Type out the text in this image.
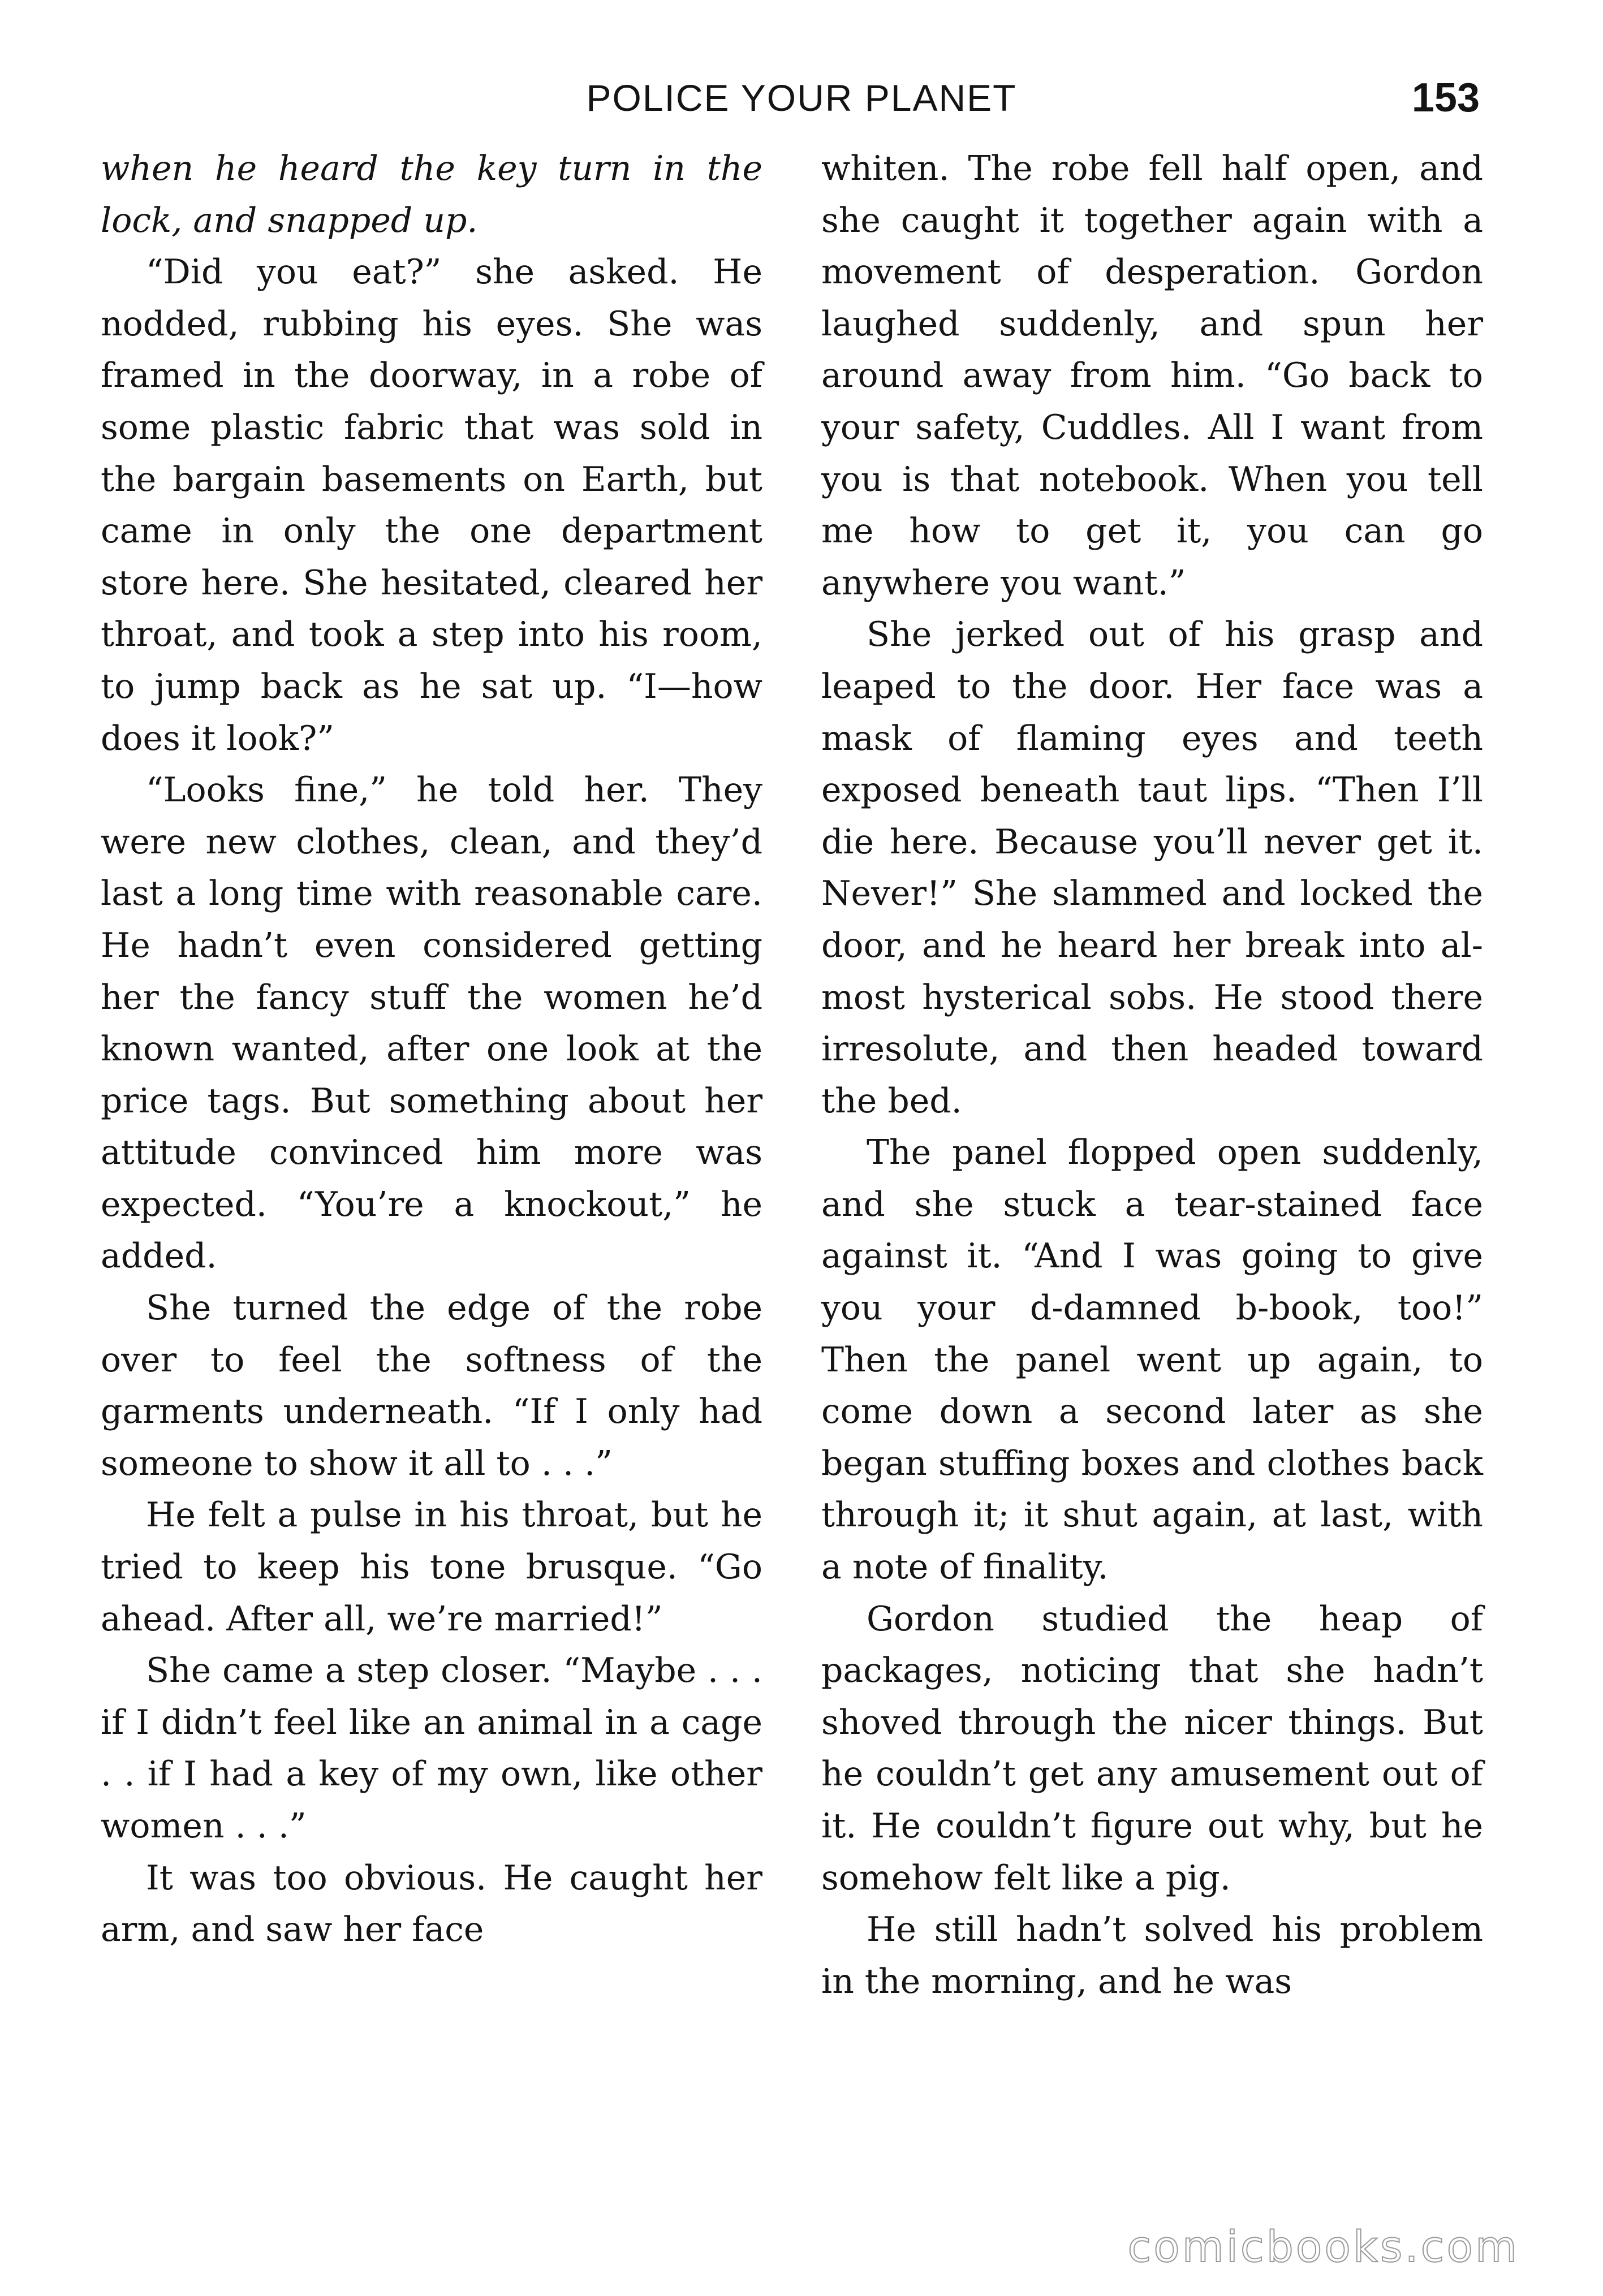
POLICE YOUR PLANET	153

when he heard the key turn in the lock, and snapped up.

“Did you eat?” she asked. He nodded, rubbing his eyes. She was framed in the doorway, in a robe of some plastic fabric that was sold in the bargain basements on Earth, but came in only the one department store here. She hesitated, cleared her throat, and took a step into his room, to jump back as he sat up. “I—how does it look?”

“Looks fine,” he told her. They were new clothes, clean, and they’d last a long time with reasonable care. He hadn’t even considered getting her the fancy stuff the women he’d known wanted, after one look at the price tags. But something about her attitude convinced him more was expected. “You’re a knockout,” he added.

She turned the edge of the robe over to feel the softness of the garments underneath. “If I only had someone to show it all to . . .”

He felt a pulse in his throat, but he tried to keep his tone brusque. “Go ahead. After all, we’re married!”

She came a step closer. “Maybe . . . if I didn’t feel like an animal in a cage . . if I had a key of my own, like other women . . .”

It was too obvious. He caught her arm, and saw her face

whiten. The robe fell half open, and she caught it together again with a movement of desperation. Gordon laughed suddenly, and spun her around away from him. “Go back to your safety, Cuddles. All I want from you is that notebook. When you tell me how to get it, you can go anywhere you want.”

She jerked out of his grasp and leaped to the door. Her face was a mask of flaming eyes and teeth exposed beneath taut lips. “Then I’ll die here. Because you’ll never get it. Never!” She slammed and locked the door, and he heard her break into almost hysterical sobs. He stood there irresolute, and then headed toward the bed.

The panel flopped open suddenly, and she stuck a tear-stained face against it. “And I was going to give you your d-damned b-book, too!” Then the panel went up again, to come down a second later as she began stuffing boxes and clothes back through it; it shut again, at last, with a note of finality.

Gordon studied the heap of packages, noticing that she hadn’t shoved through the nicer things. But he couldn’t get any amusement out of it. He couldn’t figure out why, but he somehow felt like a pig.

He still hadn’t solved his problem in the morning, and he was

comicbooks.com
